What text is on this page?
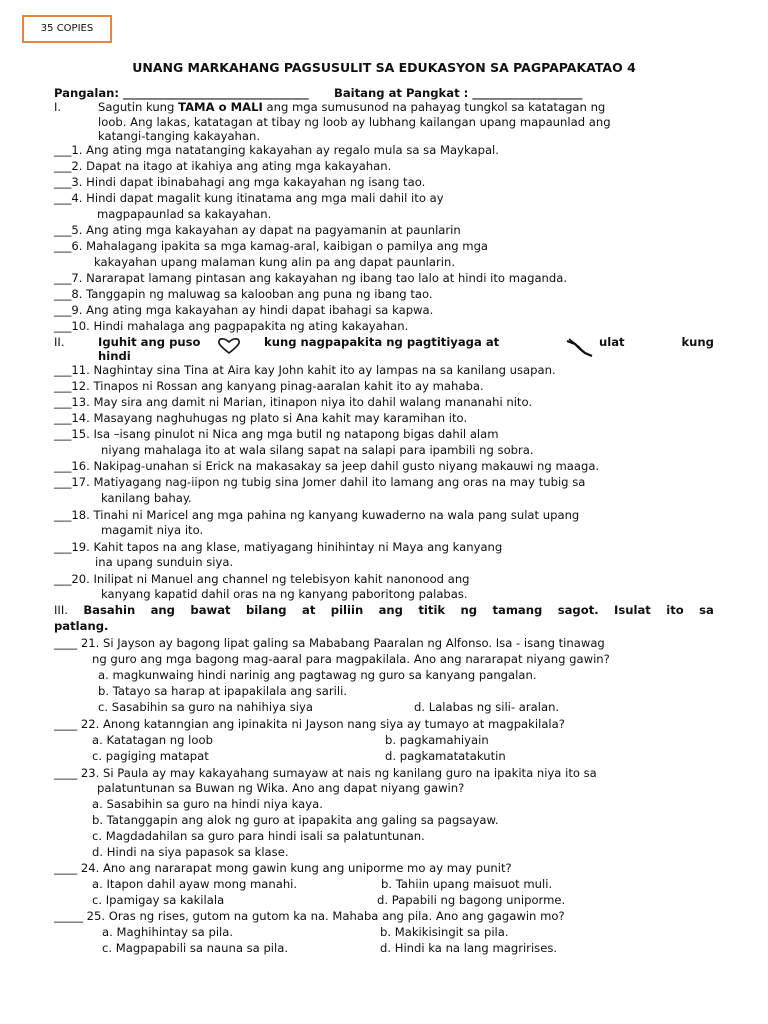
35 COPIES
UNANG MARKAHANG PAGSUSULIT SA EDUKASYON SA PAGPAPAKATAO 4
Pangalan: ________________________________ Baitang at Pangkat : ___________________
I.	Sagutin kung TAMA o MALI ang mga sumusunod na pahayag tungkol sa katatagan ng
loob. Ang lakas, katatagan at tibay ng loob ay lubhang kailangan upang mapaunlad ang
katangi-tanging kakayahan.
___1. Ang ating mga natatanging kakayahan ay regalo mula sa sa Maykapal.
___2. Dapat na itago at ikahiya ang ating mga kakayahan.
___3. Hindi dapat ibinabahagi ang mga kakayahan ng isang tao.
___4. Hindi dapat magalit kung itinatama ang mga mali dahil ito ay
magpapaunlad sa kakayahan.
___5. Ang ating mga kakayahan ay dapat na pagyamanin at paunlarin
___6. Mahalagang ipakita sa mga kamag-aral, kaibigan o pamilya ang mga
kakayahan upang malaman kung alin pa ang dapat paunlarin.
___7. Nararapat lamang pintasan ang kakayahan ng ibang tao lalo at hindi ito maganda.
___8. Tanggapin ng maluwag sa kalooban ang puna ng ibang tao.
___9. Ang ating mga kakayahan ay hindi dapat ibahagi sa kapwa.
___10. Hindi mahalaga ang pagpapakita ng ating kakayahan.
II.	Iguhit ang puso	kung nagpapakita ng pagtitiyaga at	ulat	kung
hindi
___11. Naghintay sina Tina at Aira kay John kahit ito ay lampas na sa kanilang usapan.
___12. Tinapos ni Rossan ang kanyang pinag-aaralan kahit ito ay mahaba.
___13. May sira ang damit ni Marian, itinapon niya ito dahil walang mananahi nito.
___14. Masayang naghuhugas ng plato si Ana kahit may karamihan ito.
___15. Isa –isang pinulot ni Nica ang mga butil ng natapong bigas dahil alam
niyang mahalaga ito at wala silang sapat na salapi para ipambili ng sobra.
___16. Nakipag-unahan si Erick na makasakay sa jeep dahil gusto niyang makauwi ng maaga.
___17. Matiyagang nag-iipon ng tubig sina Jomer dahil ito lamang ang oras na may tubig sa
kanilang bahay.
___18. Tinahi ni Maricel ang mga pahina ng kanyang kuwaderno na wala pang sulat upang
magamit niya ito.
___19. Kahit tapos na ang klase, matiyagang hinihintay ni Maya ang kanyang
ina upang sunduin siya.
___20. Inilipat ni Manuel ang channel ng telebisyon kahit nanonood ang
kanyang kapatid dahil oras na ng kanyang paboritong palabas.
III. Basahin ang bawat bilang at piliin ang titik ng tamang sagot. Isulat ito sa
patlang.
____ 21. Si Jayson ay bagong lipat galing sa Mababang Paaralan ng Alfonso. Isa - isang tinawag
ng guro ang mga bagong mag-aaral para magpakilala. Ano ang nararapat niyang gawin?
a. magkunwaing hindi narinig ang pagtawag ng guro sa kanyang pangalan.
b. Tatayo sa harap at ipapakilala ang sarili.
c. Sasabihin sa guro na nahihiya siya	d. Lalabas ng sili- aralan.
____ 22. Anong katanngian ang ipinakita ni Jayson nang siya ay tumayo at magpakilala?
a. Katatagan ng loob	b. pagkamahiyain
c. pagiging matapat	d. pagkamatatakutin
____ 23. Si Paula ay may kakayahang sumayaw at nais ng kanilang guro na ipakita niya ito sa
palatuntunan sa Buwan ng Wika. Ano ang dapat niyang gawin?
a. Sasabihin sa guro na hindi niya kaya.
b. Tatanggapin ang alok ng guro at ipapakita ang galing sa pagsayaw.
c. Magdadahilan sa guro para hindi isali sa palatuntunan.
d. Hindi na siya papasok sa klase.
____ 24. Ano ang nararapat mong gawin kung ang uniporme mo ay may punit?
a. Itapon dahil ayaw mong manahi.	b. Tahiin upang maisuot muli.
c. Ipamigay sa kakilala	d. Papabili ng bagong uniporme.
_____ 25. Oras ng rises, gutom na gutom ka na. Mahaba ang pila. Ano ang gagawin mo?
a. Maghihintay sa pila.	b. Makikisingit sa pila.
c. Magpapabili sa nauna sa pila.	d. Hindi ka na lang magririses.
